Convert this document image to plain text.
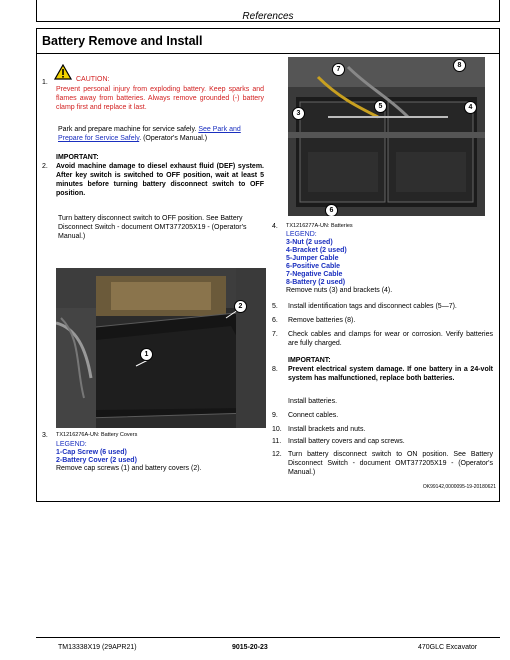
References
Battery Remove and Install
1.	CAUTION:
Prevent personal injury from exploding battery. Keep sparks and flames away from batteries. Always remove grounded (-) battery clamp first and replace it last.
Park and prepare machine for service safely. See Park and Prepare for Service Safely. (Operator's Manual.)
IMPORTANT:
2. Avoid machine damage to diesel exhaust fluid (DEF) system. After key switch is switched to OFF position, wait at least 5 minutes before turning battery disconnect switch to OFF position.
Turn battery disconnect switch to OFF position. See Battery Disconnect Switch - document OMT377205X19 - (Operator's Manual.)
1
2
3. TX1216276A-UN: Battery Covers
LEGEND:
1-Cap Screw (6 used)
2-Battery Cover (2 used)
Remove cap screws (1) and battery covers (2).
7
8
5
3
4
6
4. TX1216277A-UN: Batteries
LEGEND:
3-Nut (2 used)
4-Bracket (2 used)
5-Jumper Cable
6-Positive Cable
7-Negative Cable
8-Battery (2 used)
Remove nuts (3) and brackets (4).
5. Install identification tags and disconnect cables (5—7).
6. Remove batteries (8).
7. Check cables and clamps for wear or corrosion. Verify batteries are fully charged.
IMPORTANT:
8. Prevent electrical system damage. If one battery in a 24-volt system has malfunctioned, replace both batteries.
Install batteries.
9. Connect cables.
10. Install brackets and nuts.
11. Install battery covers and cap screws.
12. Turn battery disconnect switch to ON position. See Battery Disconnect Switch - document OMT377205X19 - (Operator's Manual.)
OK99142,0000095-19-20180621
TM13338X19 (29APR21)	9015-20-23	470GLC Excavator
